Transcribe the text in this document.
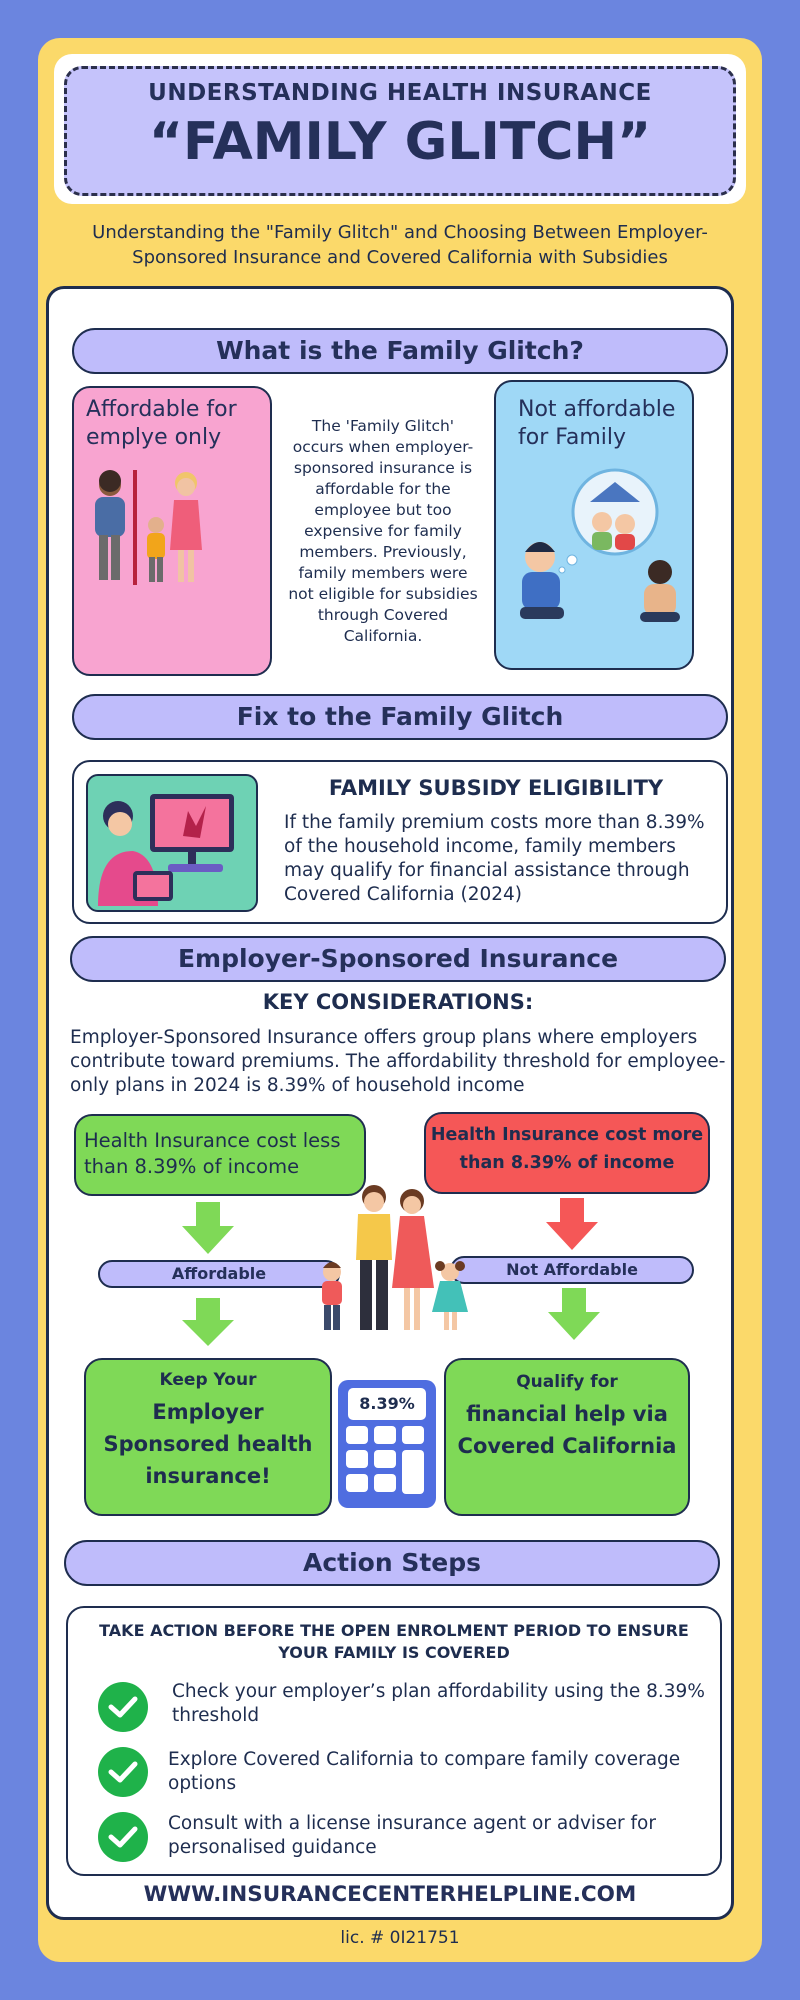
UNDERSTANDING HEALTH INSURANCE
“FAMILY GLITCH”
Understanding the "Family Glitch" and Choosing Between Employer-Sponsored Insurance and Covered California with Subsidies
What is the Family Glitch?
Affordable for emplye only	The 'Family Glitch' occurs when employer-sponsored insurance is affordable for the employee but too expensive for family members. Previously, family members were not eligible for subsidies through Covered California.
Not affordable for Family
Fix to the Family Glitch
FAMILY SUBSIDY ELIGIBILITY
If the family premium costs more than 8.39% of the household income, family members may qualify for financial assistance through Covered California (2024)
Employer-Sponsored Insurance
KEY CONSIDERATIONS:
Employer-Sponsored Insurance offers group plans where employers contribute toward premiums. The affordability threshold for employee-only plans in 2024 is 8.39% of household income
Health Insurance cost less than 8.39% of income
Health Insurance cost more than 8.39% of income
Affordable	Not Affordable
Keep Your
Employer Sponsored health insurance!
8.39%
Qualify for
financial help via Covered California
Action Steps
TAKE ACTION BEFORE THE OPEN ENROLMENT PERIOD TO ENSURE YOUR FAMILY IS COVERED
Check your employer’s plan affordability using the 8.39% threshold
Explore Covered California to compare family coverage options
Consult with a license insurance agent or adviser for personalised guidance
WWW.INSURANCECENTERHELPLINE.COM
lic. # 0I21751
